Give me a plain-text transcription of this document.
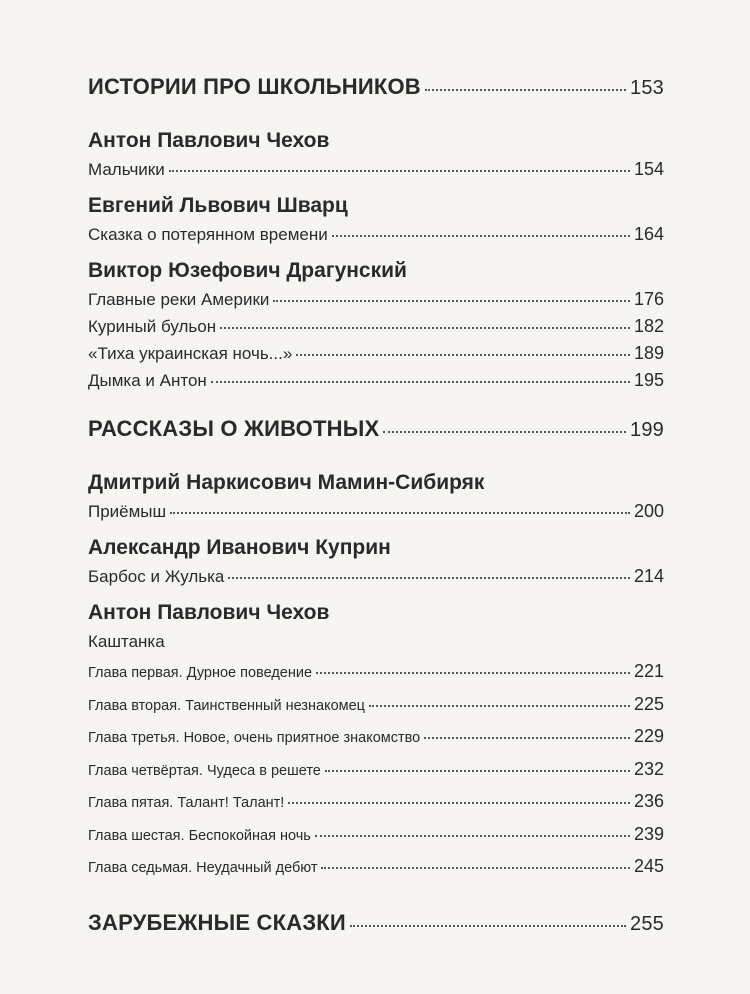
ИСТОРИИ ПРО ШКОЛЬНИКОВ	153
Антон Павлович Чехов
Мальчики	154
Евгений Львович Шварц
Сказка о потерянном времени	164
Виктор Юзефович Драгунский
Главные реки Америки	176
Куриный бульон	182
«Тиха украинская ночь...»	189
Дымка и Антон	195
РАССКАЗЫ О ЖИВОТНЫХ	199
Дмитрий Наркисович Мамин-Сибиряк
Приёмыш	200
Александр Иванович Куприн
Барбос и Жулька	214
Антон Павлович Чехов
Каштанка
Глава первая. Дурное поведение	221
Глава вторая. Таинственный незнакомец	225
Глава третья. Новое, очень приятное знакомство	229
Глава четвёртая. Чудеса в решете	232
Глава пятая. Талант! Талант!	236
Глава шестая. Беспокойная ночь	239
Глава седьмая. Неудачный дебют	245
ЗАРУБЕЖНЫЕ СКАЗКИ	255
